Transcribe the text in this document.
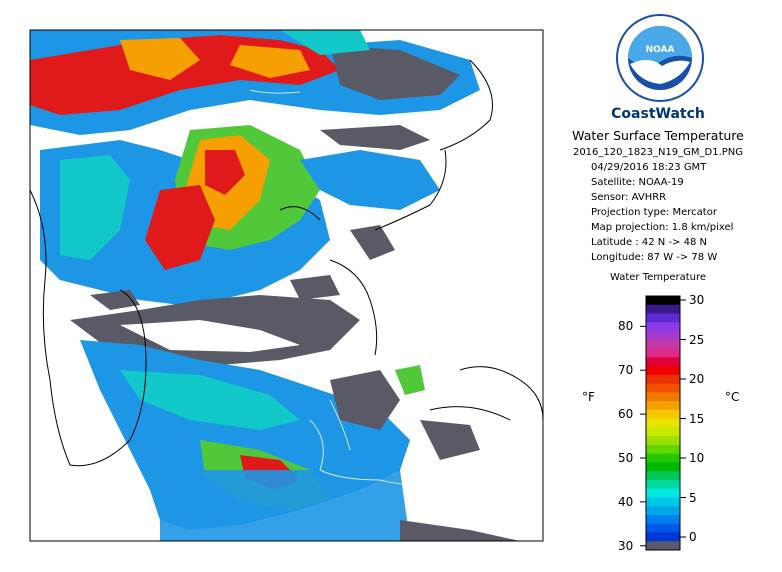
NOAA
CoastWatch
Water Surface Temperature
2016_120_1823_N19_GM_D1.PNG
04/29/2016 18:23 GMT
Satellite: NOAA-19
Sensor: AVHRR
Projection type: Mercator
Map projection: 1.8 km/pixel
Latitude : 42 N -> 48 N
Longitude: 87 W -> 78 W
Water Temperature
°F	°C
80
70
60
50
40
30
30
25
20
15
10
5
0
